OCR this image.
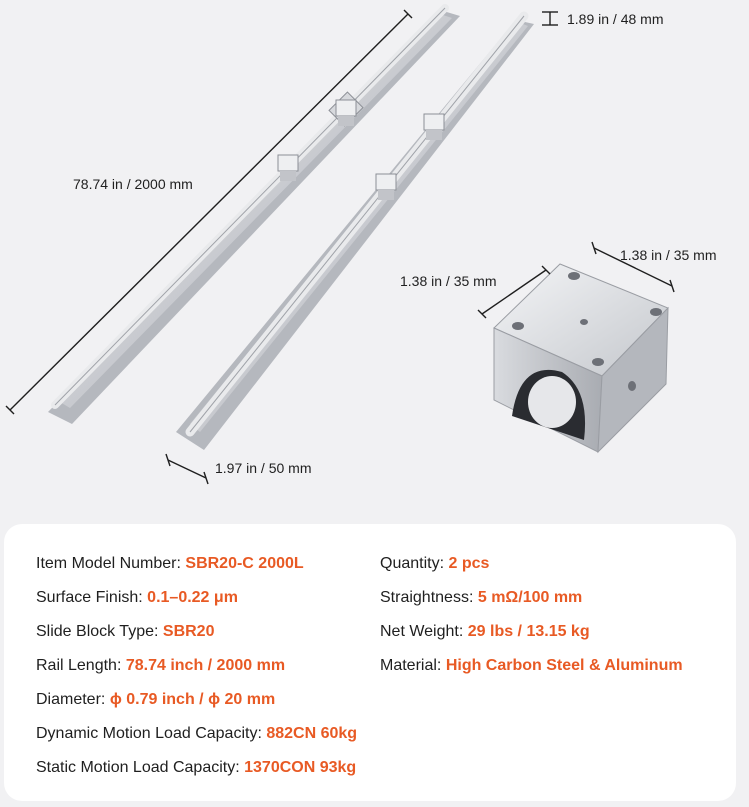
78.74 in / 2000 mm
1.89 in / 48 mm
1.97 in / 50 mm
1.38 in / 35 mm
1.38 in / 35 mm
Item Model Number: SBR20-C 2000L
Surface Finish: 0.1–0.22 μm
Slide Block Type: SBR20
Rail Length: 78.74 inch / 2000 mm
Diameter: ϕ 0.79 inch / ϕ 20 mm
Dynamic Motion Load Capacity: 882CN 60kg
Static Motion Load Capacity: 1370CON 93kg
Quantity: 2 pcs
Straightness: 5 mΩ/100 mm
Net Weight: 29 lbs / 13.15 kg
Material: High Carbon Steel & Aluminum
